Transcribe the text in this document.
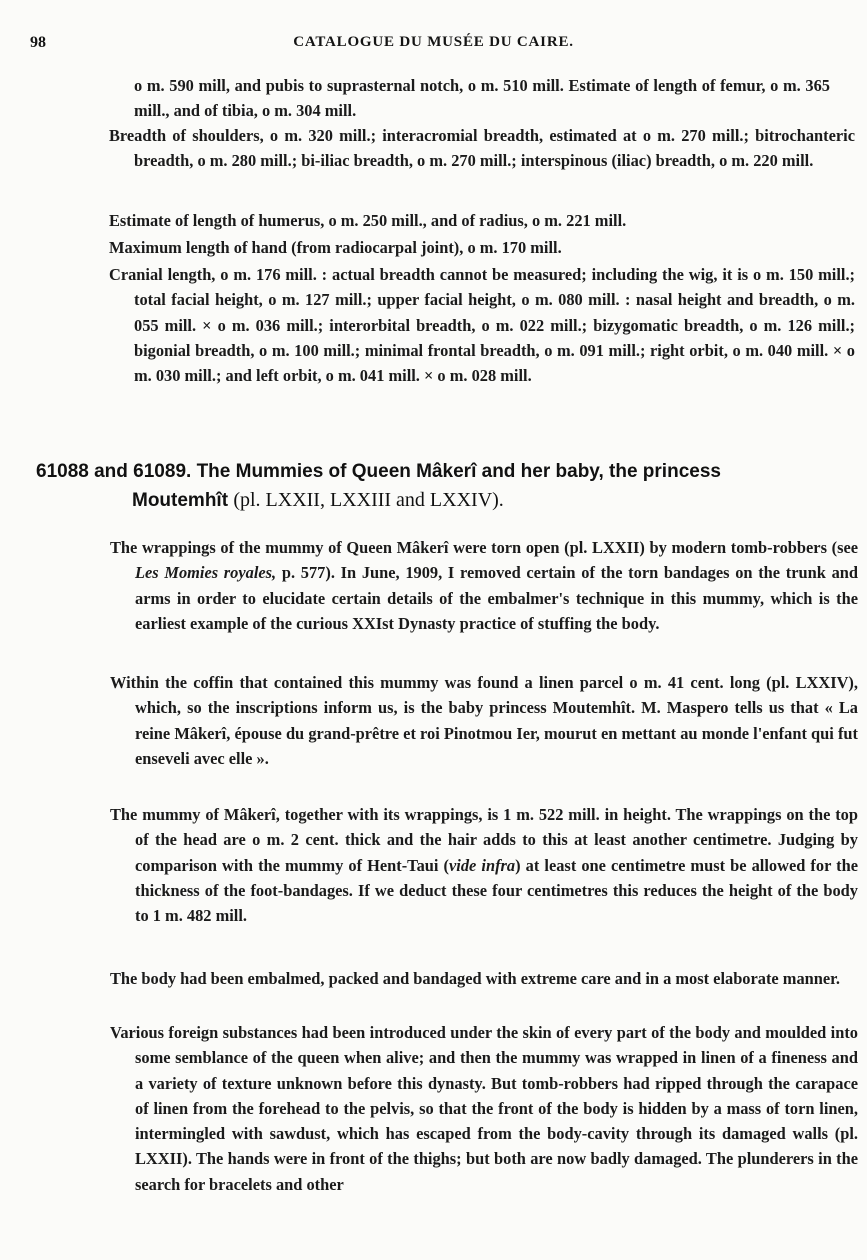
98	CATALOGUE DU MUSÉE DU CAIRE.
o m. 590 mill, and pubis to suprasternal notch, o m. 510 mill. Estimate of length of femur, o m. 365 mill., and of tibia, o m. 304 mill.
Breadth of shoulders, o m. 320 mill.; interacromial breadth, estimated at o m. 270 mill.; bitrochanteric breadth, o m. 280 mill.; bi-iliac breadth, o m. 270 mill.; interspinous (iliac) breadth, o m. 220 mill.
Estimate of length of humerus, o m. 250 mill., and of radius, o m. 221 mill.
Maximum length of hand (from radiocarpal joint), o m. 170 mill.
Cranial length, o m. 176 mill. : actual breadth cannot be measured; including the wig, it is o m. 150 mill.; total facial height, o m. 127 mill.; upper facial height, o m. 080 mill. : nasal height and breadth, o m. 055 mill. × o m. 036 mill.; interorbital breadth, o m. 022 mill.; bizygomatic breadth, o m. 126 mill.; bigonial breadth, o m. 100 mill.; minimal frontal breadth, o m. 091 mill.; right orbit, o m. 040 mill. × o m. 030 mill.; and left orbit, o m. 041 mill. × o m. 028 mill.
61088 and 61089. The Mummies of Queen Mâkerî and her baby, the princess
Moutemhît (pl. LXXII, LXXIII and LXXIV).
The wrappings of the mummy of Queen Mâkerî were torn open (pl. LXXII) by modern tomb-robbers (see Les Momies royales, p. 577). In June, 1909, I removed certain of the torn bandages on the trunk and arms in order to elucidate certain details of the embalmer's technique in this mummy, which is the earliest example of the curious XXIst Dynasty practice of stuffing the body.
Within the coffin that contained this mummy was found a linen parcel o m. 41 cent. long (pl. LXXIV), which, so the inscriptions inform us, is the baby princess Moutemhît. M. Maspero tells us that « La reine Mâkerî, épouse du grand-prêtre et roi Pinotmou Ier, mourut en mettant au monde l'enfant qui fut enseveli avec elle ».
The mummy of Mâkerî, together with its wrappings, is 1 m. 522 mill. in height. The wrappings on the top of the head are o m. 2 cent. thick and the hair adds to this at least another centimetre. Judging by comparison with the mummy of Hent-Taui (vide infra) at least one centimetre must be allowed for the thickness of the foot-bandages. If we deduct these four centimetres this reduces the height of the body to 1 m. 482 mill.
The body had been embalmed, packed and bandaged with extreme care and in a most elaborate manner.
Various foreign substances had been introduced under the skin of every part of the body and moulded into some semblance of the queen when alive; and then the mummy was wrapped in linen of a fineness and a variety of texture unknown before this dynasty. But tomb-robbers had ripped through the carapace of linen from the forehead to the pelvis, so that the front of the body is hidden by a mass of torn linen, intermingled with sawdust, which has escaped from the body-cavity through its damaged walls (pl. LXXII). The hands were in front of the thighs; but both are now badly damaged. The plunderers in the search for bracelets and other
